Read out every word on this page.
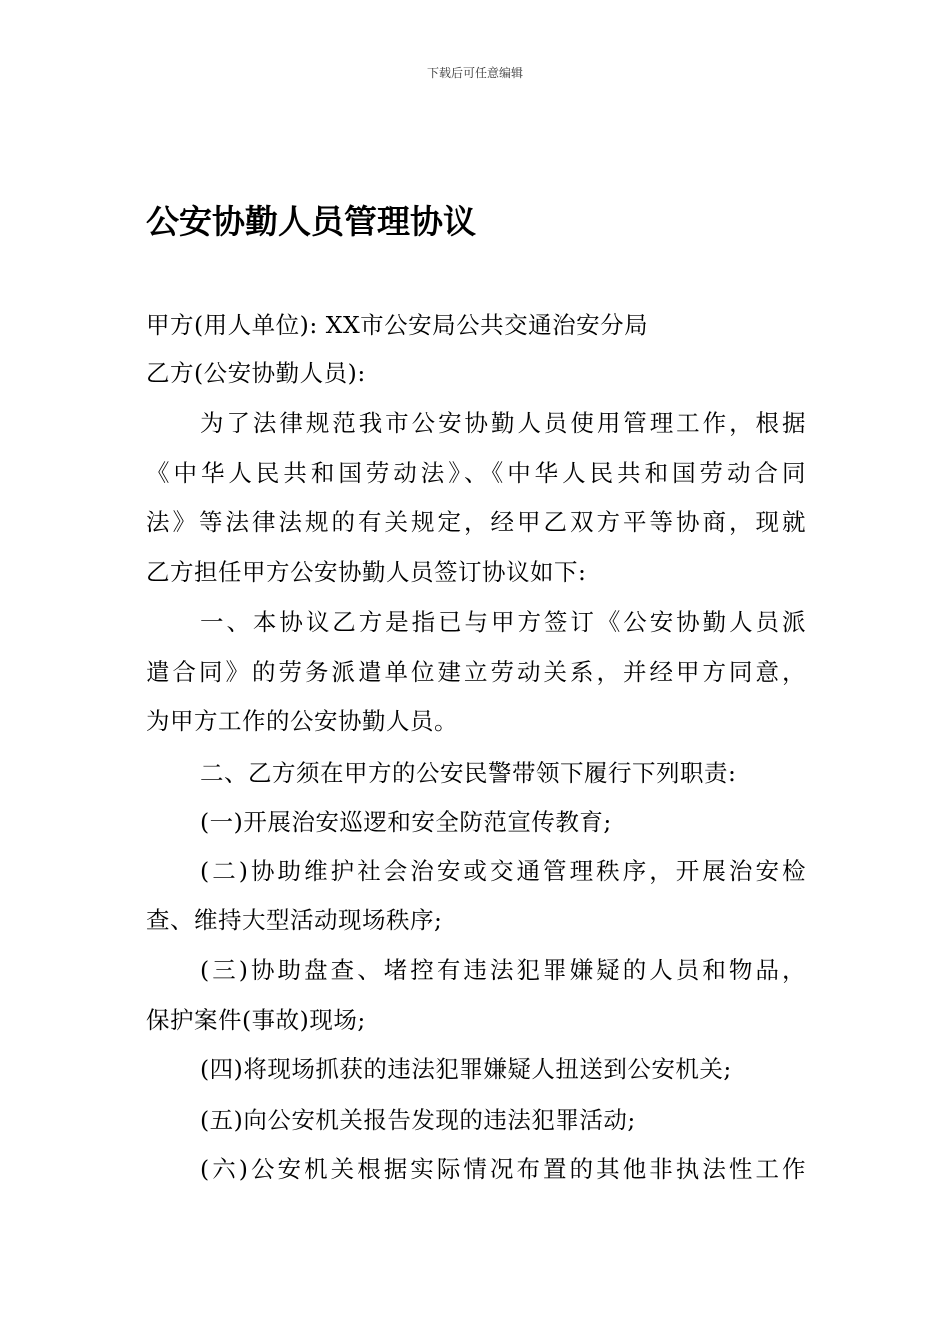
下载后可任意编辑
公安协勤人员管理协议
甲方(用人单位): XX市公安局公共交通治安分局
乙方(公安协勤人员):
为了法律规范我市公安协勤人员使用管理工作，根据
《中华人民共和国劳动法》、《中华人民共和国劳动合同
法》等法律法规的有关规定，经甲乙双方平等协商，现就
乙方担任甲方公安协勤人员签订协议如下:
一、本协议乙方是指已与甲方签订《公安协勤人员派
遣合同》的劳务派遣单位建立劳动关系，并经甲方同意，
为甲方工作的公安协勤人员。
二、乙方须在甲方的公安民警带领下履行下列职责:
(一)开展治安巡逻和安全防范宣传教育;
(二)协助维护社会治安或交通管理秩序，开展治安检
查、维持大型活动现场秩序;
(三)协助盘查、堵控有违法犯罪嫌疑的人员和物品，
保护案件(事故)现场;
(四)将现场抓获的违法犯罪嫌疑人扭送到公安机关;
(五)向公安机关报告发现的违法犯罪活动;
(六)公安机关根据实际情况布置的其他非执法性工作
